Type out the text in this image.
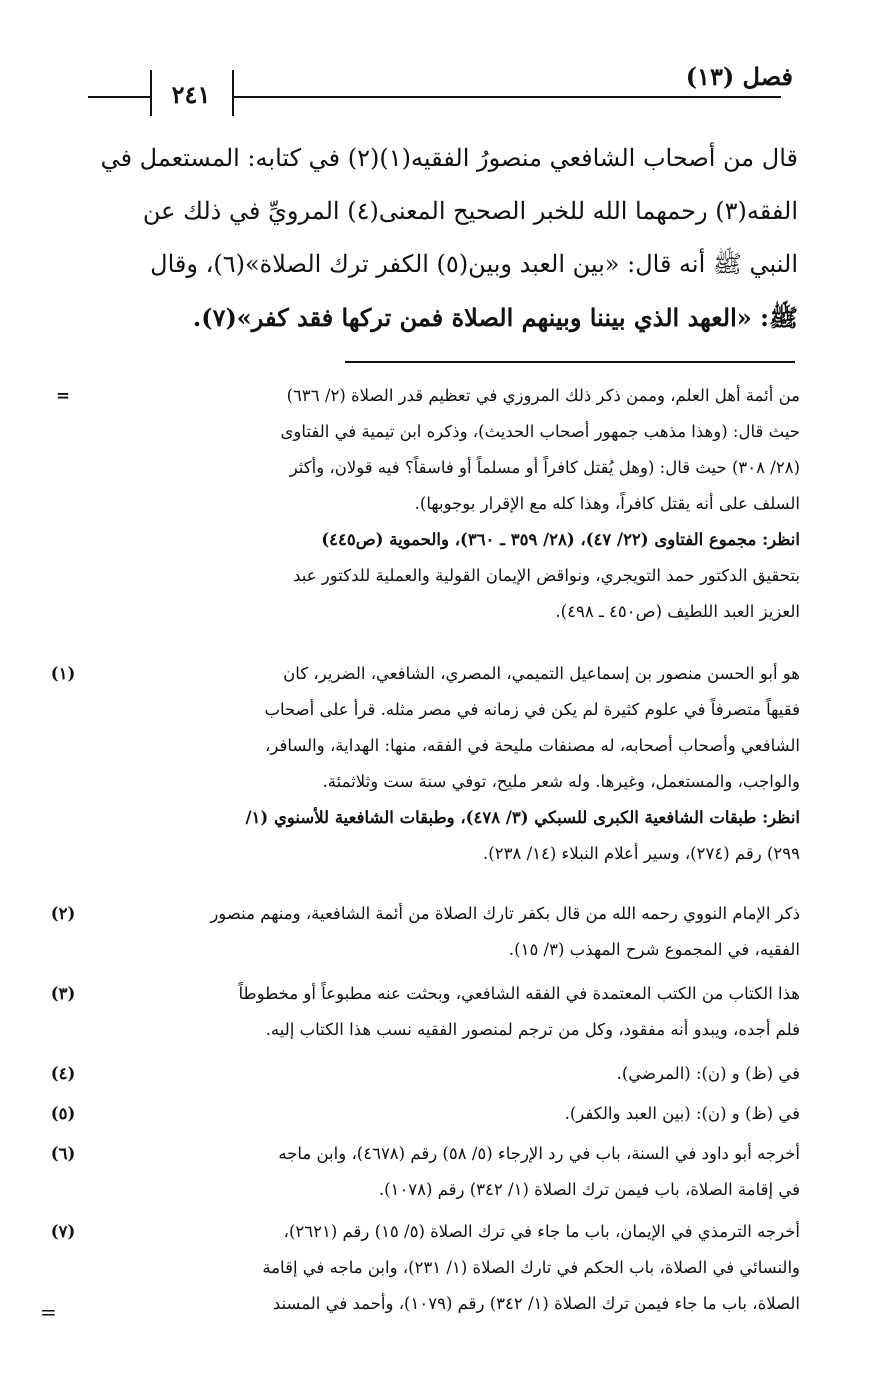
فصل (١٣)
٢٤١
قال من أصحاب الشافعي منصورُ الفقيه(١)(٢) في كتابه: المستعمل في
الفقه(٣) رحمهما الله للخبر الصحيح المعنى(٤) المرويِّ في ذلك عن
النبي ﷺ أنه قال: «بين العبد وبين(٥) الكفر ترك الصلاة»(٦)، وقال
ﷺ: «العهد الذي بيننا وبينهم الصلاة فمن تركها فقد كفر»(٧).
من أئمة أهل العلم، وممن ذكر ذلك المروزي في تعظيم قدر الصلاة (٢/ ٦٣٦)
حيث قال: (وهذا مذهب جمهور أصحاب الحديث)، وذكره ابن تيمية في الفتاوى
(٢٨/ ٣٠٨) حيث قال: (وهل يُقتل كافراً أو مسلماً أو فاسقاً؟ فيه قولان، وأكثر
السلف على أنه يقتل كافراً، وهذا كله مع الإقرار بوجوبها).
انظر: مجموع الفتاوى (٢٢/ ٤٧)، (٢٨/ ٣٥٩ ـ ٣٦٠)، والحموية (ص٤٤٥)
بتحقيق الدكتور حمد التويجري، ونواقض الإيمان القولية والعملية للدكتور عبد
العزيز العبد اللطيف (ص٤٥٠ ـ ٤٩٨).
=
هو أبو الحسن منصور بن إسماعيل التميمي، المصري، الشافعي، الضرير، كان
فقيهاً متصرفاً في علوم كثيرة لم يكن في زمانه في مصر مثله. قرأ على أصحاب
الشافعي وأصحاب أصحابه، له مصنفات مليحة في الفقه، منها: الهداية، والسافر،
والواجب، والمستعمل، وغيرها. وله شعر مليح، توفي سنة ست وثلاثمئة.
انظر: طبقات الشافعية الكبرى للسبكي (٣/ ٤٧٨)، وطبقات الشافعية للأسنوي (١/
٢٩٩) رقم (٢٧٤)، وسير أعلام النبلاء (١٤/ ٢٣٨).
(١)
ذكر الإمام النووي رحمه الله من قال بكفر تارك الصلاة من أئمة الشافعية، ومنهم منصور
الفقيه، في المجموع شرح المهذب (٣/ ١٥).
(٢)
هذا الكتاب من الكتب المعتمدة في الفقه الشافعي، وبحثت عنه مطبوعاً أو مخطوطاً
فلم أجده، ويبدو أنه مفقود، وكل من ترجم لمنصور الفقيه نسب هذا الكتاب إليه.
(٣)
في (ظ) و (ن): (المرضي).
(٤)
في (ظ) و (ن): (بين العبد والكفر).
(٥)
أخرجه أبو داود في السنة، باب في رد الإرجاء (٥/ ٥٨) رقم (٤٦٧٨)، وابن ماجه
في إقامة الصلاة، باب فيمن ترك الصلاة (١/ ٣٤٢) رقم (١٠٧٨).
(٦)
أخرجه الترمذي في الإيمان، باب ما جاء في ترك الصلاة (٥/ ١٥) رقم (٢٦٢١)،
والنسائي في الصلاة، باب الحكم في تارك الصلاة (١/ ٢٣١)، وابن ماجه في إقامة
الصلاة، باب ما جاء فيمن ترك الصلاة (١/ ٣٤٢) رقم (١٠٧٩)، وأحمد في المسند
(٧)
=
